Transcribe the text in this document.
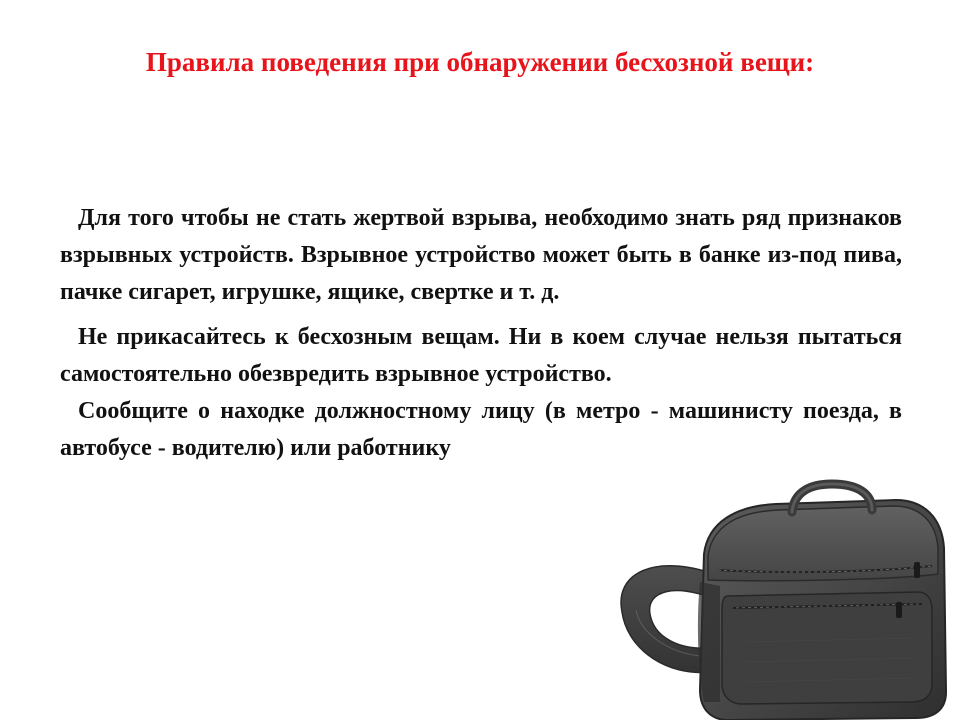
Правила поведения при обнаружении бесхозной вещи:

Для того чтобы не стать жертвой взрыва, необходимо знать ряд признаков взрывных устройств. Взрывное устройство может быть в банке из-под пива, пачке сигарет, игрушке, ящике, свертке и т. д.

Не прикасайтесь к бесхозным вещам. Ни в коем случае нельзя пытаться самостоятельно обезвредить взрывное устройство.

Сообщите о находке должностному лицу (в метро - машинисту поезда, в автобусе - водителю) или работнику
